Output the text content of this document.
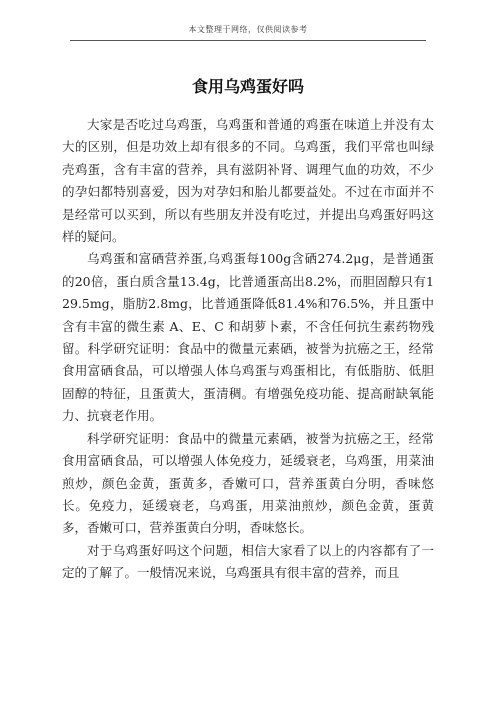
本文整理于网络，仅供阅读参考
食用乌鸡蛋好吗

大家是否吃过乌鸡蛋，乌鸡蛋和普通的鸡蛋在味道上并没有太大的区别，但是功效上却有很多的不同。乌鸡蛋，我们平常也叫绿壳鸡蛋，含有丰富的营养，具有滋阴补肾、调理气血的功效，不少的孕妇都特别喜爱，因为对孕妇和胎儿都要益处。不过在市面并不是经常可以买到，所以有些朋友并没有吃过，并提出乌鸡蛋好吗这样的疑问。

乌鸡蛋和富硒营养蛋,乌鸡蛋每100g含硒274.2μg，是普通蛋的20倍，蛋白质含量13.4g，比普通蛋高出8.2%，而胆固醇只有129.5mg，脂肪2.8mg，比普通蛋降低81.4%和76.5%，并且蛋中含有丰富的微生素 A、E、C 和胡萝卜素，不含任何抗生素药物残留。科学研究证明：食品中的微量元素硒，被誉为抗癌之王，经常食用富硒食品，可以增强人体乌鸡蛋与鸡蛋相比，有低脂肪、低胆固醇的特征，且蛋黄大，蛋清稠。有增强免疫功能、提高耐缺氧能力、抗衰老作用。

科学研究证明：食品中的微量元素硒，被誉为抗癌之王，经常食用富硒食品，可以增强人体免疫力，延缓衰老，乌鸡蛋，用菜油煎炒，颜色金黄，蛋黄多，香嫩可口，营养蛋黄白分明，香味悠长。免疫力，延缓衰老，乌鸡蛋，用菜油煎炒，颜色金黄，蛋黄多，香嫩可口，营养蛋黄白分明，香味悠长。

对于乌鸡蛋好吗这个问题，相信大家看了以上的内容都有了一定的了解了。一般情况来说，乌鸡蛋具有很丰富的营养，而且
